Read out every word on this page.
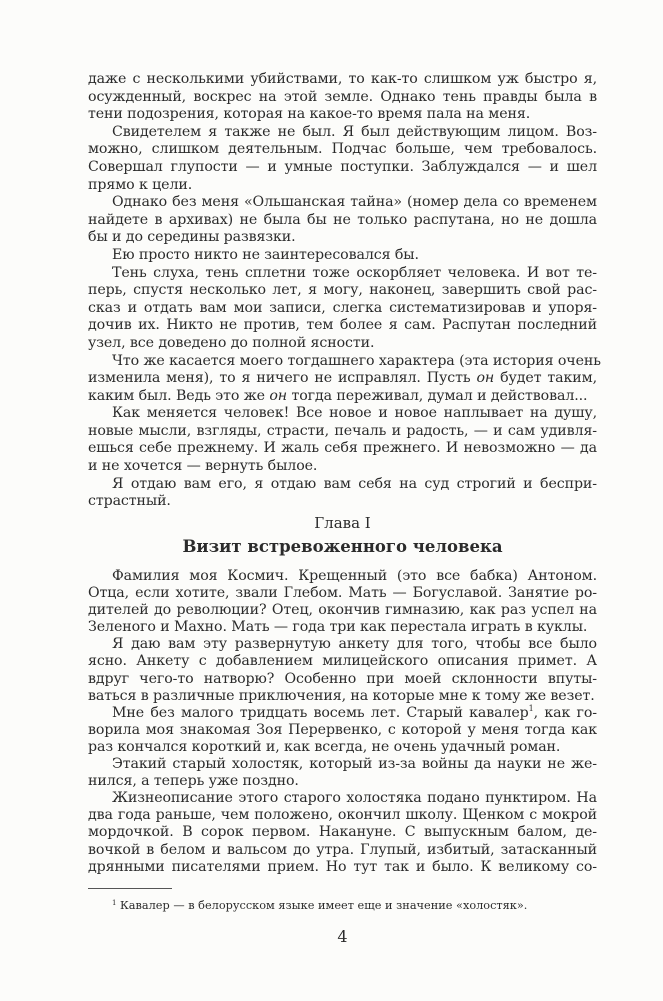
даже с несколькими убийствами, то как-то слишком уж быстро я,
осужденный, воскрес на этой земле. Однако тень правды была в
тени подозрения, которая на какое-то время пала на меня.
Свидетелем я также не был. Я был действующим лицом. Воз-
можно, слишком деятельным. Подчас больше, чем требовалось.
Совершал глупости — и умные поступки. Заблуждался — и шел
прямо к цели.
Однако без меня «Ольшанская тайна» (номер дела со временем
найдете в архивах) не была бы не только распутана, но не дошла
бы и до середины развязки.
Ею просто никто не заинтересовался бы.
Тень слуха, тень сплетни тоже оскорбляет человека. И вот те-
перь, спустя несколько лет, я могу, наконец, завершить свой рас-
сказ и отдать вам мои записи, слегка систематизировав и упоря-
дочив их. Никто не против, тем более я сам. Распутан последний
узел, все доведено до полной ясности.
Что же касается моего тогдашнего характера (эта история очень
изменила меня), то я ничего не исправлял. Пусть он будет таким,
каким был. Ведь это же он тогда переживал, думал и действовал...
Как меняется человек! Все новое и новое наплывает на душу,
новые мысли, взгляды, страсти, печаль и радость, — и сам удивля-
ешься себе прежнему. И жаль себя прежнего. И невозможно — да
и не хочется — вернуть былое.
Я отдаю вам его, я отдаю вам себя на суд строгий и беспри-
страстный.
Глава I
Визит встревоженного человека
Фамилия моя Космич. Крещенный (это все бабка) Антоном.
Отца, если хотите, звали Глебом. Мать — Богуславой. Занятие ро-
дителей до революции? Отец, окончив гимназию, как раз успел на
Зеленого и Махно. Мать — года три как перестала играть в куклы.
Я даю вам эту развернутую анкету для того, чтобы все было
ясно. Анкету с добавлением милицейского описания примет. А
вдруг чего-то натворю? Особенно при моей склонности впуты-
ваться в различные приключения, на которые мне к тому же везет.
Мне без малого тридцать восемь лет. Старый кавалер$^1$, как го-
ворила моя знакомая Зоя Перервенко, с которой у меня тогда как
раз кончался короткий и, как всегда, не очень удачный роман.
Этакий старый холостяк, который из-за войны да науки не же-
нился, а теперь уже поздно.
Жизнеописание этого старого холостяка подано пунктиром. На
два года раньше, чем положено, окончил школу. Щенком с мокрой
мордочкой. В сорок первом. Накануне. С выпускным балом, де-
вочкой в белом и вальсом до утра. Глупый, избитый, затасканный
дрянными писателями прием. Но тут так и было. К великому со-
$^1$ Кавалер — в белорусском языке имеет еще и значение «холостяк».
4
